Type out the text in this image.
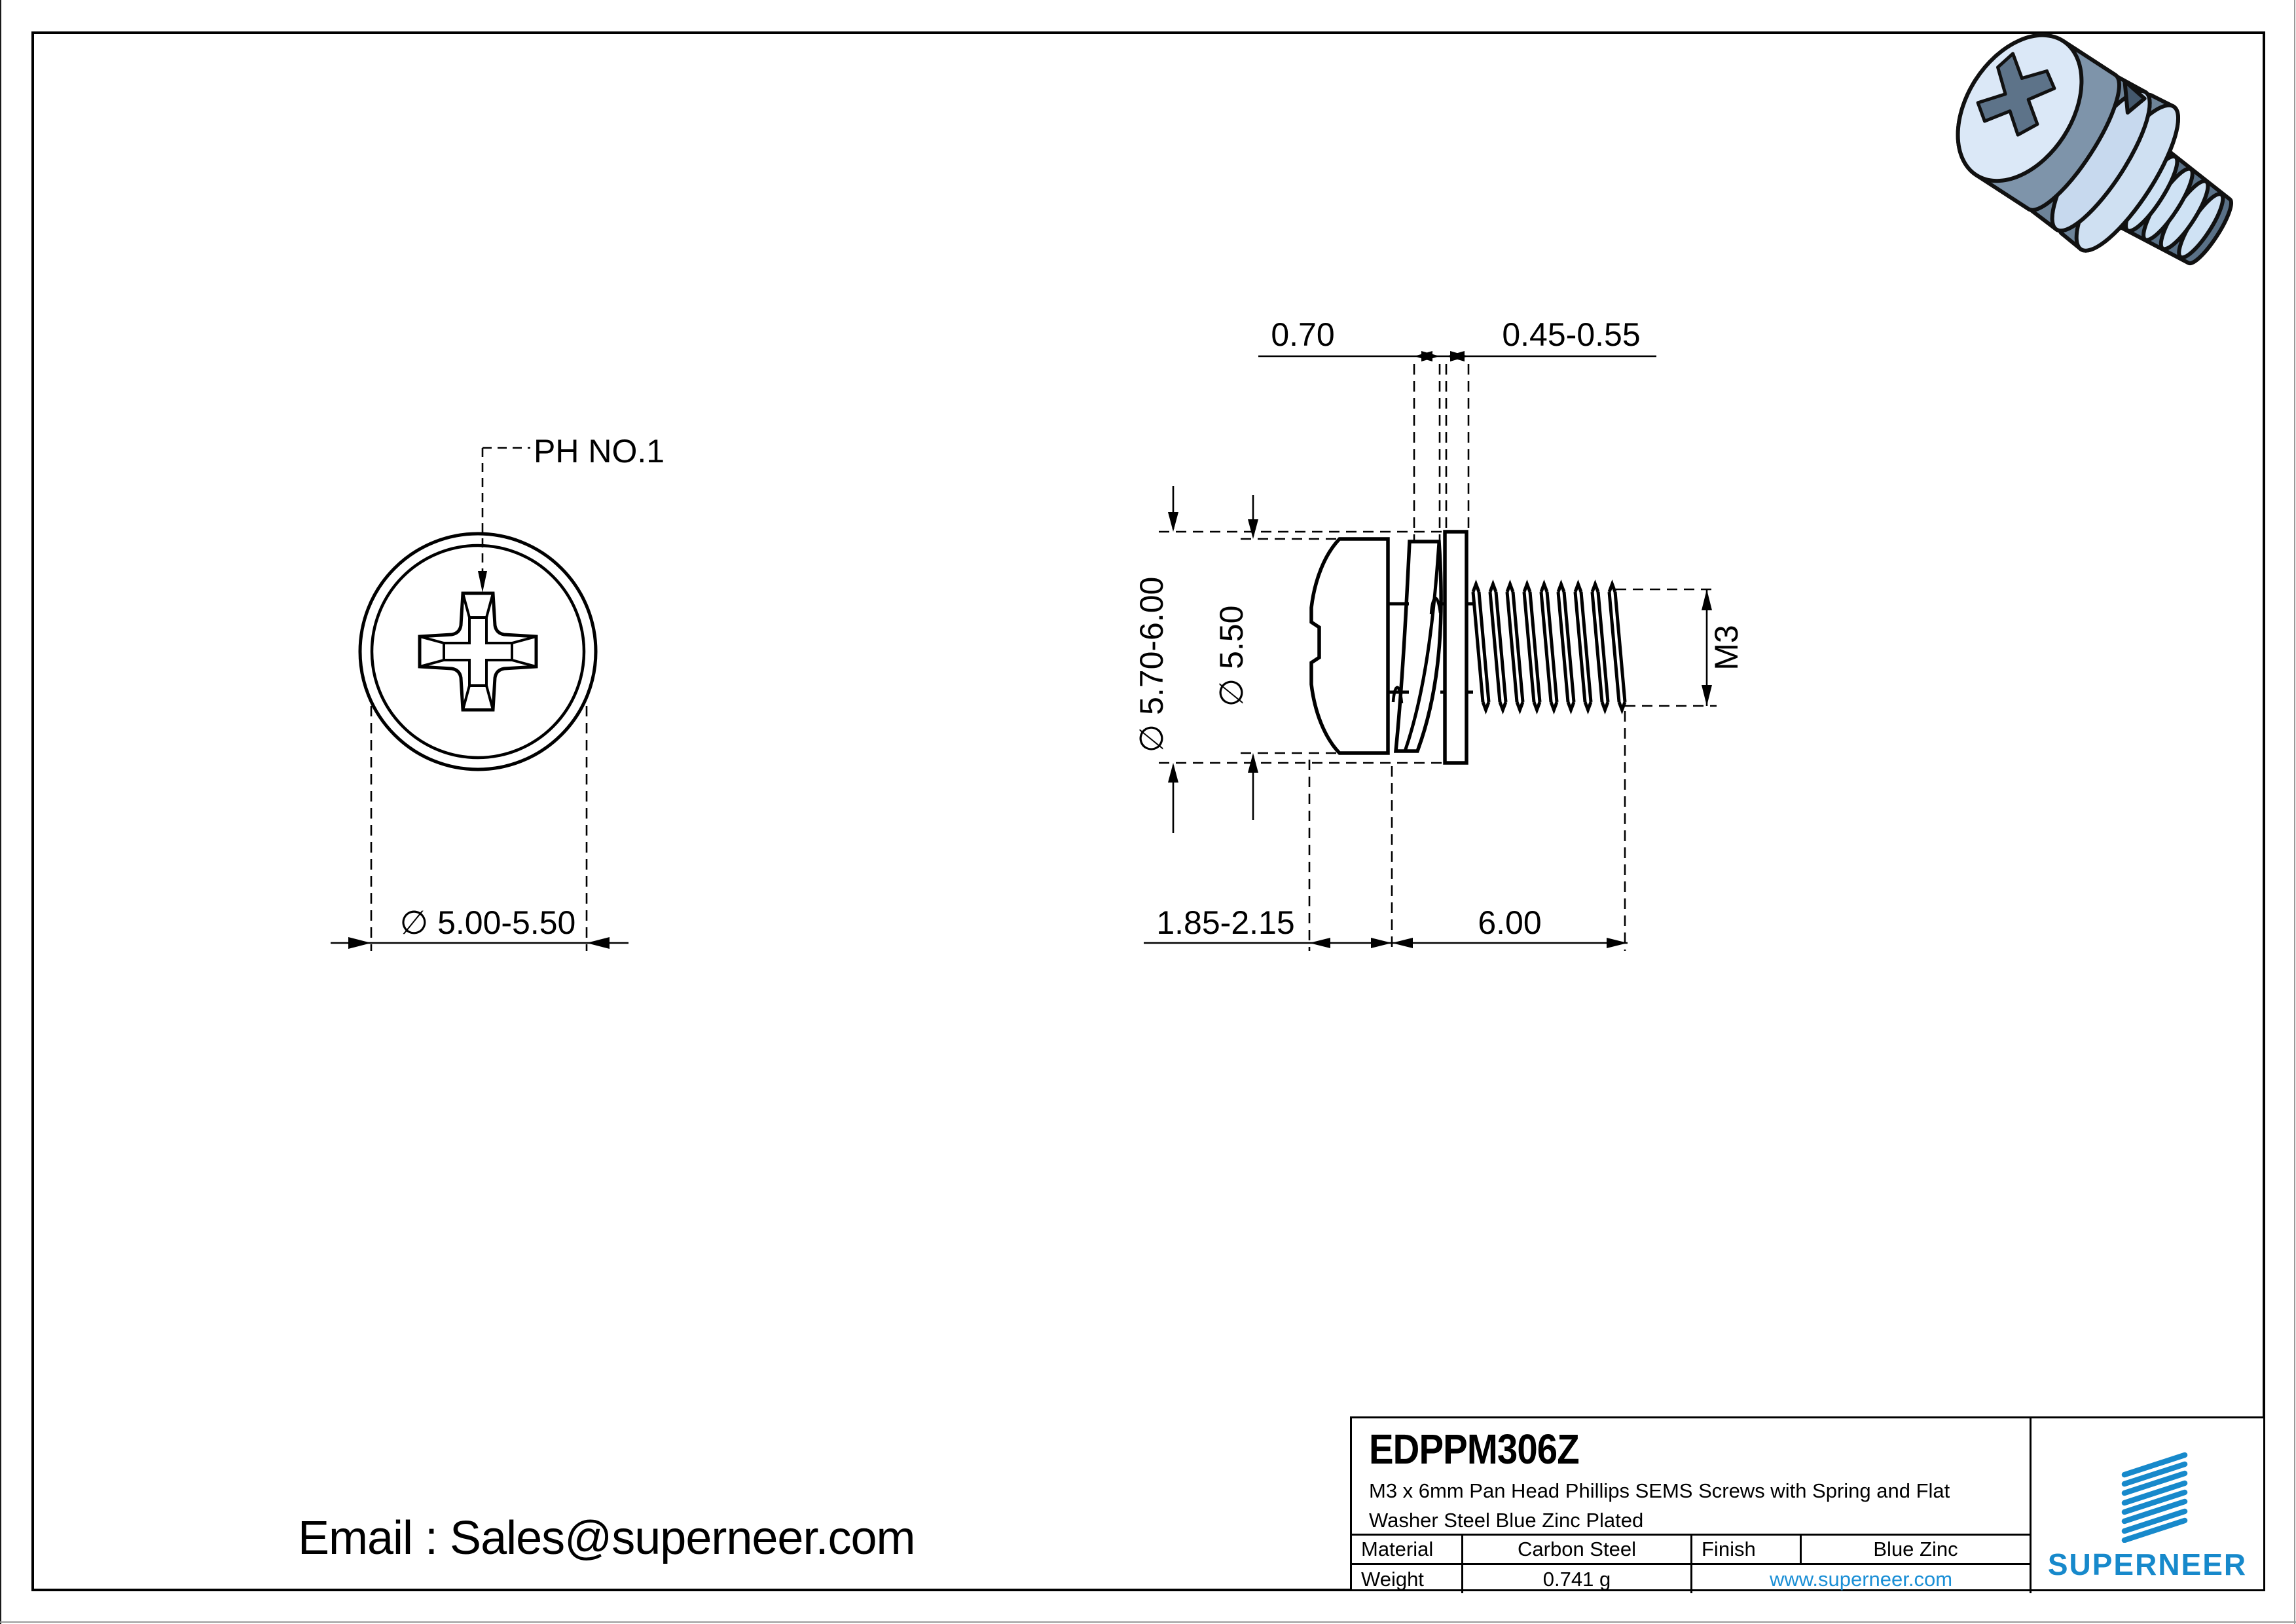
PH NO.1
∅ 5.00-5.50
0.70	0.45-0.55
∅ 5.70-6.00 ∅ 5.50	M3
1.85-2.15	6.00
EDPPM306Z
M3 x 6mm Pan Head Phillips SEMS Screws with Spring and Flat Washer Steel Blue Zinc Plated
Material	Carbon Steel	Finish	Blue Zinc
Weight	0.741 g	www.superneer.com	SUPERNEER
Email : Sales@superneer.com
